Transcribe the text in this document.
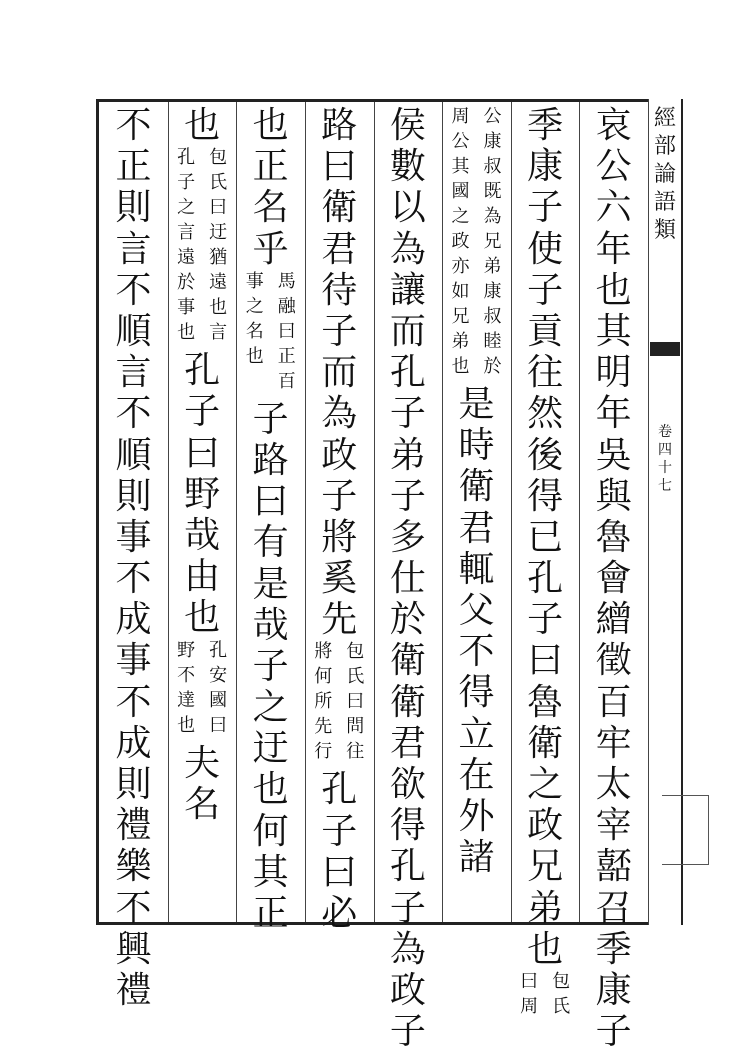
經
部
論
語
類
卷
四
十
七
哀
公
六
年
也
其
明
年
吳
與
魯
會
繒
徵
百
牢
太
宰
嚭
召
季
康
子
季
康
子
使
子
貢
往
然
後
得
已
孔
子
曰
魯
衛
之
政
兄
弟
也
包
氏
曰
周
公
康
叔
既
為
兄
弟
康
叔
睦
於
周
公
其
國
之
政
亦
如
兄
弟
也
是
時
衛
君
輒
父
不
得
立
在
外
諸
侯
數
以
為
讓
而
孔
子
弟
子
多
仕
於
衛
衛
君
欲
得
孔
子
為
政
子
路
曰
衛
君
待
子
而
為
政
子
將
奚
先
包
氏
曰
問
往
將
何
所
先
行
孔
子
曰
必
也
正
名
乎
馬
融
曰
正
百
事
之
名
也
子
路
曰
有
是
哉
子
之
迂
也
何
其
正
也
包
氏
曰
迂
猶
遠
也
言
孔
子
之
言
遠
於
事
也
孔
子
曰
野
哉
由
也
孔
安
國
曰
野
不
達
也
夫
名
不
正
則
言
不
順
言
不
順
則
事
不
成
事
不
成
則
禮
樂
不
興
禮
